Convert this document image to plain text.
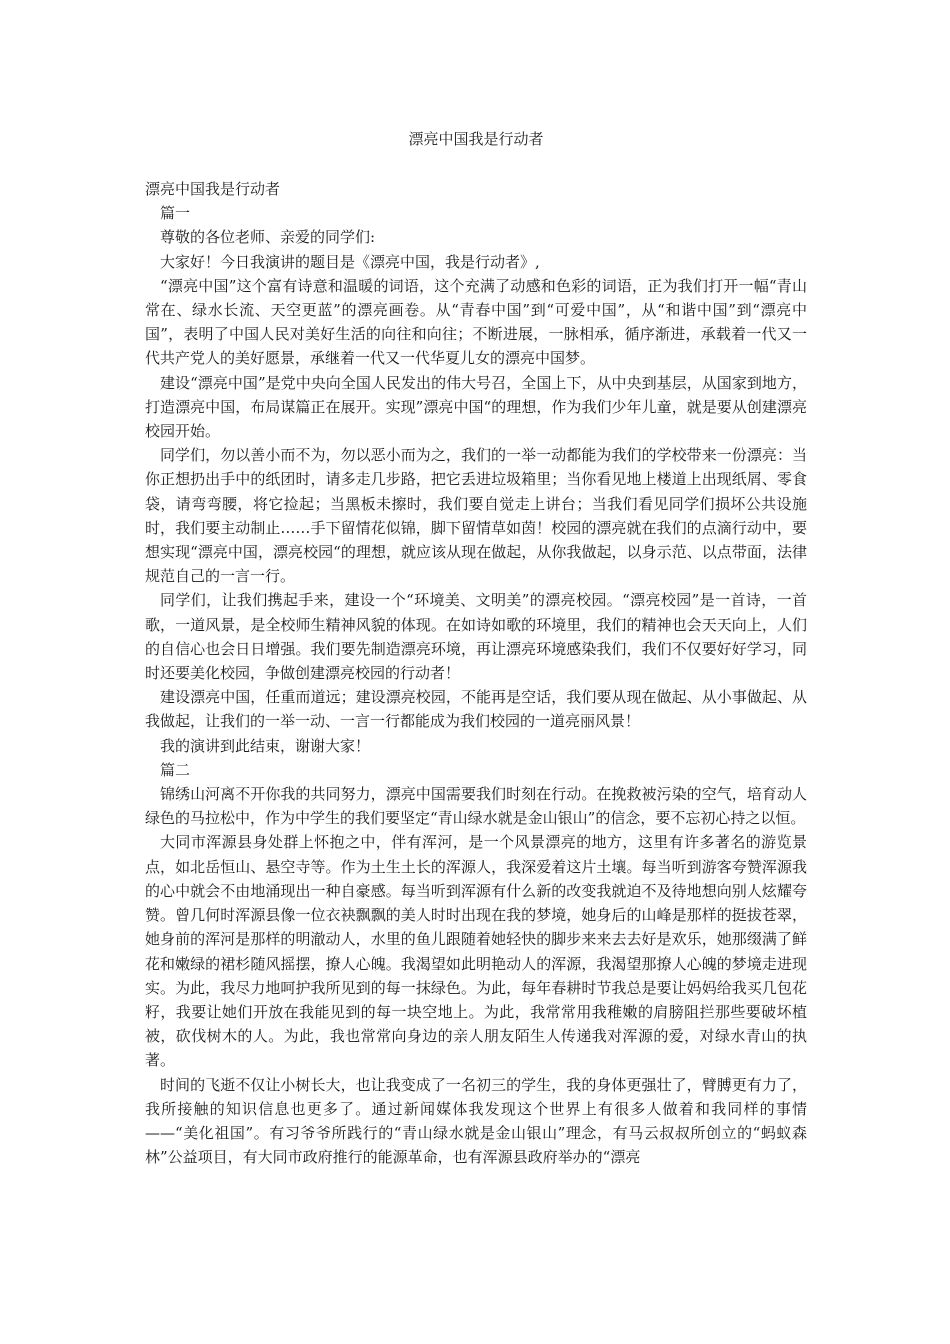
漂亮中国我是行动者

漂亮中国我是行动者

篇一

尊敬的各位老师、亲爱的同学们:

大家好！今日我演讲的题目是《漂亮中国，我是行动者》,

“漂亮中国”这个富有诗意和温暖的词语，这个充满了动感和色彩的词语，正为我们打开一幅“青山常在、绿水长流、天空更蓝”的漂亮画卷。从“青春中国”到“可爱中国”，从“和谐中国”到“漂亮中国”，表明了中国人民对美好生活的向往和向往；不断进展，一脉相承，循序渐进，承载着一代又一代共产党人的美好愿景，承继着一代又一代华夏儿女的漂亮中国梦。

建设“漂亮中国”是党中央向全国人民发出的伟大号召，全国上下，从中央到基层，从国家到地方，打造漂亮中国，布局谋篇正在展开。实现”漂亮中国“的理想，作为我们少年儿童，就是要从创建漂亮校园开始。

同学们，勿以善小而不为，勿以恶小而为之，我们的一举一动都能为我们的学校带来一份漂亮：当你正想扔出手中的纸团时，请多走几步路，把它丢进垃圾箱里；当你看见地上楼道上出现纸屑、零食袋，请弯弯腰，将它捡起；当黑板未擦时，我们要自觉走上讲台；当我们看见同学们损坏公共设施时，我们要主动制止……手下留情花似锦，脚下留情草如茵！校园的漂亮就在我们的点滴行动中，要想实现“漂亮中国，漂亮校园“的理想，就应该从现在做起，从你我做起，以身示范、以点带面，法律规范自己的一言一行。

同学们，让我们携起手来，建设一个“环境美、文明美”的漂亮校园。“漂亮校园”是一首诗，一首歌，一道风景，是全校师生精神风貌的体现。在如诗如歌的环境里，我们的精神也会天天向上，人们的自信心也会日日增强。我们要先制造漂亮环境，再让漂亮环境感染我们，我们不仅要好好学习，同时还要美化校园，争做创建漂亮校园的行动者！

建设漂亮中国，任重而道远；建设漂亮校园，不能再是空话，我们要从现在做起、从小事做起、从我做起，让我们的一举一动、一言一行都能成为我们校园的一道亮丽风景！

我的演讲到此结束，谢谢大家！

篇二

锦绣山河离不开你我的共同努力，漂亮中国需要我们时刻在行动。在挽救被污染的空气，培育动人绿色的马拉松中，作为中学生的我们要坚定“青山绿水就是金山银山”的信念，要不忘初心持之以恒。

大同市浑源县身处群上怀抱之中，伴有浑河，是一个风景漂亮的地方，这里有许多著名的游览景点，如北岳恒山、悬空寺等。作为土生土长的浑源人，我深爱着这片土壤。每当听到游客夸赞浑源我的心中就会不由地涌现出一种自豪感。每当听到浑源有什么新的改变我就迫不及待地想向别人炫耀夸赞。曾几何时浑源县像一位衣袂飘飘的美人时时出现在我的梦境，她身后的山峰是那样的挺拔苍翠，她身前的浑河是那样的明澈动人，水里的鱼儿跟随着她轻快的脚步来来去去好是欢乐，她那缀满了鲜花和嫩绿的裙杉随风摇摆，撩人心魄。我渴望如此明艳动人的浑源，我渴望那撩人心魄的梦境走进现实。为此，我尽力地呵护我所见到的每一抹绿色。为此，每年春耕时节我总是要让妈妈给我买几包花籽，我要让她们开放在我能见到的每一块空地上。为此，我常常用我稚嫩的肩膀阻拦那些要破坏植被，砍伐树木的人。为此，我也常常向身边的亲人朋友陌生人传递我对浑源的爱，对绿水青山的执著。

时间的飞逝不仅让小树长大，也让我变成了一名初三的学生，我的身体更强壮了，臂膊更有力了，我所接触的知识信息也更多了。通过新闻媒体我发现这个世界上有很多人做着和我同样的事情——“美化祖国”。有习爷爷所践行的“青山绿水就是金山银山”理念，有马云叔叔所创立的“蚂蚁森林”公益项目，有大同市政府推行的能源革命，也有浑源县政府举办的“漂亮
